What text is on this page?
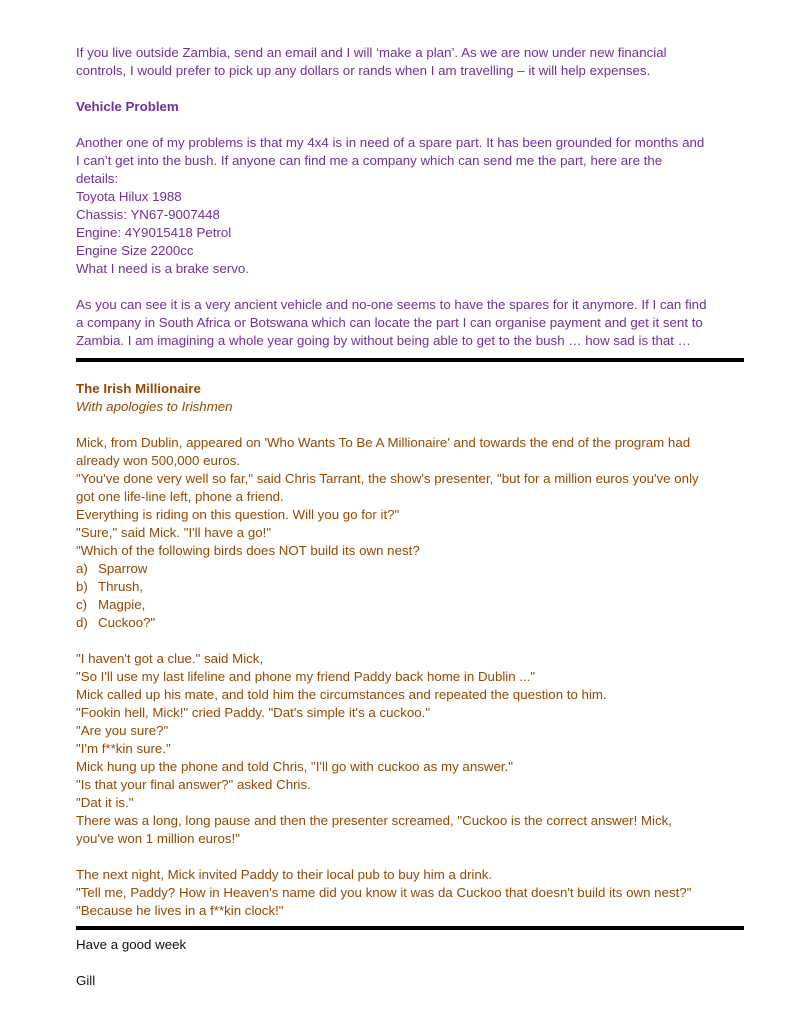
If you live outside Zambia, send an email and I will ‘make a plan’. As we are now under new financial

controls, I would prefer to pick up any dollars or rands when I am travelling – it will help expenses.

Vehicle Problem

Another one of my problems is that my 4x4 is in need of a spare part. It has been grounded for months and

I can’t get into the bush. If anyone can find me a company which can send me the part, here are the

details:

Toyota Hilux 1988

Chassis: YN67-9007448

Engine: 4Y9015418 Petrol

Engine Size 2200cc

What I need is a brake servo.

As you can see it is a very ancient vehicle and no-one seems to have the spares for it anymore. If I can find

a company in South Africa or Botswana which can locate the part I can organise payment and get it sent to

Zambia. I am imagining a whole year going by without being able to get to the bush … how sad is that …

The Irish Millionaire

With apologies to Irishmen

Mick, from Dublin, appeared on 'Who Wants To Be A Millionaire' and towards the end of the program had

already won 500,000 euros.

"You've done very well so far," said Chris Tarrant, the show's presenter, "but for a million euros you've only

got one life-line left, phone a friend.

Everything is riding on this question. Will you go for it?"

"Sure," said Mick. "I'll have a go!"

"Which of the following birds does NOT build its own nest?

a) Sparrow
b) Thrush,
c) Magpie,
d) Cuckoo?"

"I haven't got a clue." said Mick,

"So I'll use my last lifeline and phone my friend Paddy back home in Dublin ..."

Mick called up his mate, and told him the circumstances and repeated the question to him.

"Fookin hell, Mick!" cried Paddy. "Dat's simple it's a cuckoo."

"Are you sure?"

"I'm f**kin sure."

Mick hung up the phone and told Chris, "I'll go with cuckoo as my answer."

"Is that your final answer?" asked Chris.

"Dat it is."

There was a long, long pause and then the presenter screamed, "Cuckoo is the correct answer! Mick,

you've won 1 million euros!"

The next night, Mick invited Paddy to their local pub to buy him a drink.

"Tell me, Paddy? How in Heaven's name did you know it was da Cuckoo that doesn't build its own nest?"

"Because he lives in a f**kin clock!"

Have a good week

Gill
